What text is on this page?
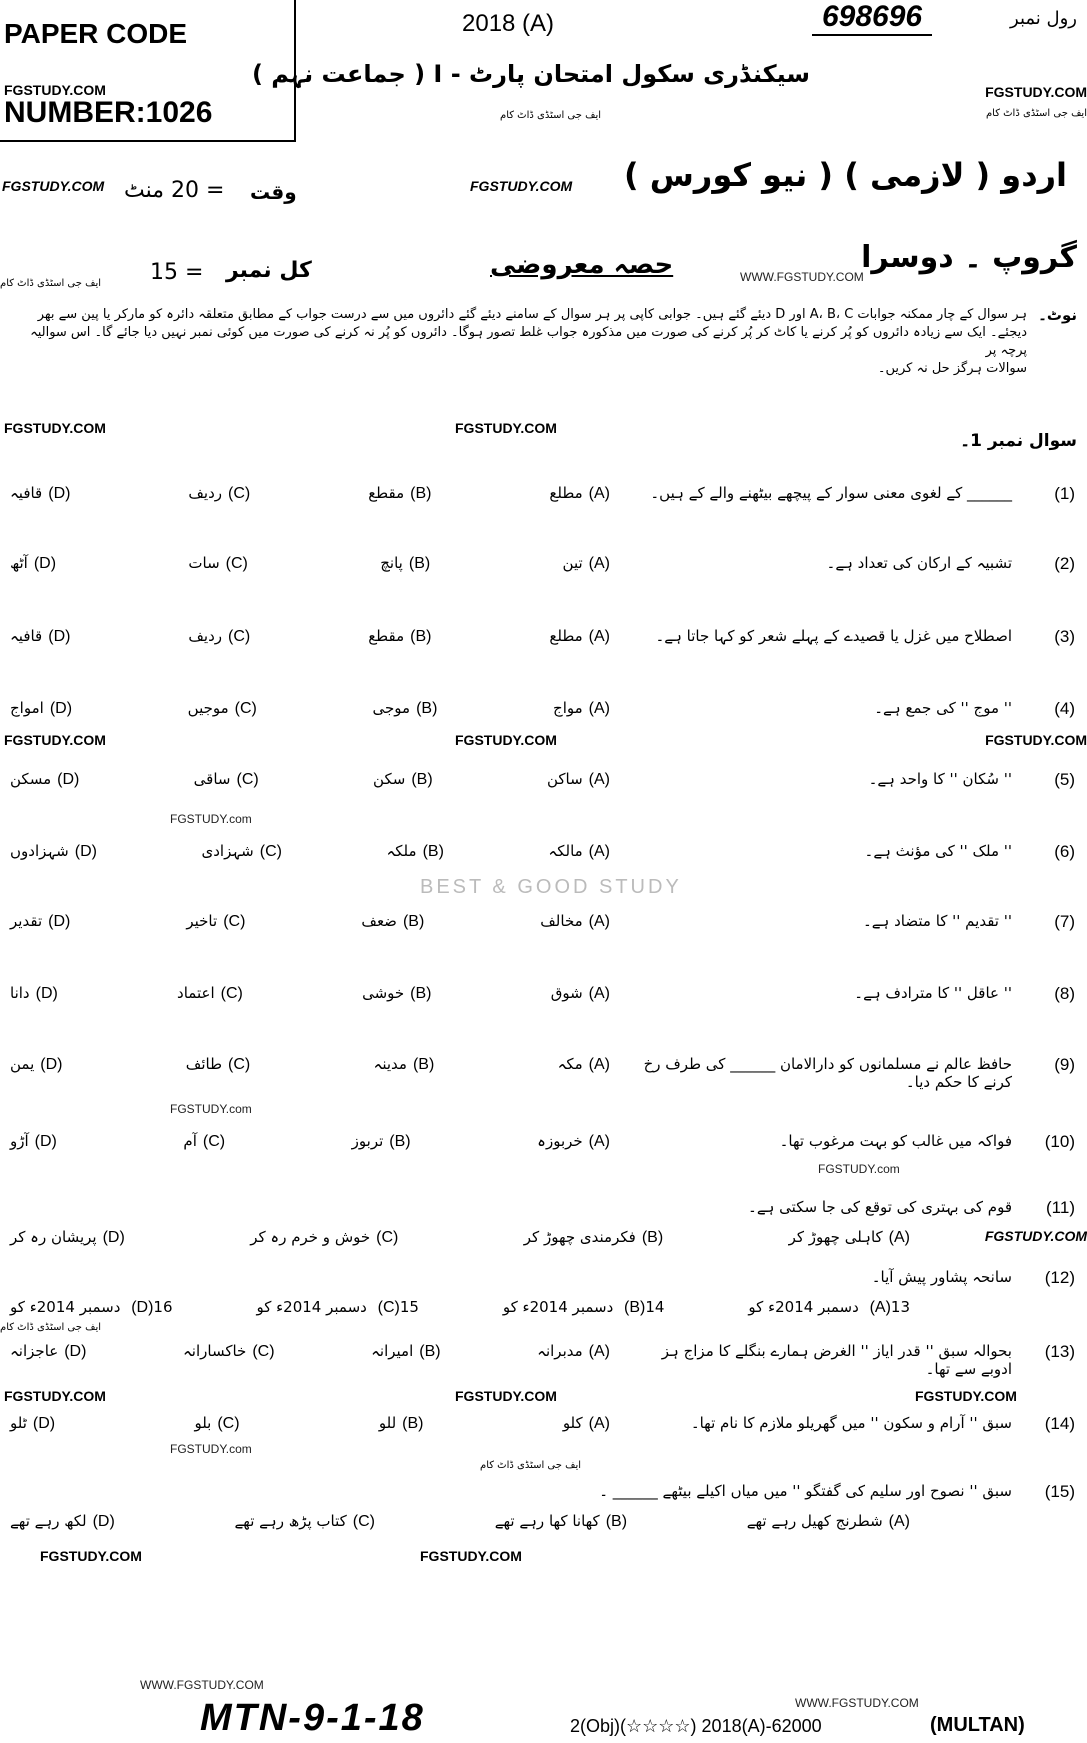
PAPER CODE
FGSTUDY.COM
NUMBER:1026
2018 (A)	698696	رول نمبر
سیکنڈری سکول امتحان پارٹ - I ( جماعت نہم )
ایف جی اسٹڈی ڈاٹ کام
FGSTUDY.COM
ایف جی اسٹڈی ڈاٹ کام
FGSTUDY.COM = 20 منٹ وقت	FGSTUDY.COM اردو ( لازمی ) ( نیو کورس )
ایف جی اسٹڈی ڈاٹ کام = 15 کل نمبر	حصہ معروضی	WWW.FGSTUDY.COM
گروپ ۔ دوسرا
نوٹ۔
ہر سوال کے چار ممکنہ جوابات A، B، C اور D دیئے گئے ہیں۔ جوابی کاپی پر ہر سوال کے سامنے دیئے گئے دائروں میں سے درست جواب کے مطابق متعلقہ دائرہ کو مارکر یا پین سے بھر
دیجئے۔ ایک سے زیادہ دائروں کو پُر کرنے یا کاٹ کر پُر کرنے کی صورت میں مذکورہ جواب غلط تصور ہوگا۔ دائروں کو پُر نہ کرنے کی صورت میں کوئی نمبر نہیں دیا جائے گا۔ اس سوالیہ پرچہ پر
سوالات ہرگز حل نہ کریں۔
FGSTUDY.COM	FGSTUDY.COM
سوال نمبر 1۔
(1)
______ کے لغوی معنی سوار کے پیچھے بیٹھنے والے کے ہیں۔
(A)مطلع
(B)مقطع
(C)ردیف
(D)قافیہ
(2)
تشبیہ کے ارکان کی تعداد ہے۔
(A)تین
(B)پانچ
(C)سات
(D)آٹھ
(3)
اصطلاح میں غزل یا قصیدے کے پہلے شعر کو کہا جاتا ہے۔
(A)مطلع
(B)مقطع
(C)ردیف
(D)قافیہ
(4)
'' موج '' کی جمع ہے۔
(A)مواج
(B)موجی
(C)موجیں
(D)امواج
(5)
'' سُکان '' کا واحد ہے۔
(A)ساکن
(B)سکن
(C)ساقی
(D)مسکن
(6)
'' ملک '' کی مؤنث ہے۔
(A)مالکہ
(B)ملکہ
(C)شہزادی
(D)شہزادوں
(7)
'' تقدیم '' کا متضاد ہے۔
(A)مخالف
(B)ضعف
(C)تاخیر
(D)تقدیر
(8)
'' عاقل '' کا مترادف ہے۔
(A)شوق
(B)خوشی
(C)اعتماد
(D)دانا
(9)
حافظ عالم نے مسلمانوں کو دارالامان ______ کی طرف رخ کرنے کا حکم دیا۔
(A)مکہ
(B)مدینہ
(C)طائف
(D)یمن
(10)
فواکہ میں غالب کو بہت مرغوب تھا۔
(A)خربوزہ
(B)تربوز
(C)آم
(D)آڑو
(11)
قوم کی بہتری کی توقع کی جا سکتی ہے۔
(A)کاہلی چھوڑ کر
(B)فکرمندی چھوڑ کر
(C)خوش و خرم رہ کر
(D)پریشان رہ کر
(12)
سانحہ پشاور پیش آیا۔
(A)13 دسمبر 2014ء کو
(B)14 دسمبر 2014ء کو
(C)15 دسمبر 2014ء کو
(D)16 دسمبر 2014ء کو
(13)
بحوالہ سبق '' قدر ایاز '' الغرض ہمارے بنگلے کا مزاج ہز ادوبے سے تھا۔
(A)مدبرانہ
(B)امیرانہ
(C)خاکسارانہ
(D)عاجزانہ
(14)
سبق '' آرام و سکون '' میں گھریلو ملازم کا نام تھا۔
(A)کلو
(B)للو
(C)بلو
(D)ٹلو
(15)
سبق '' نصوح اور سلیم کی گفتگو '' میں میاں اکیلے بیٹھے ______ ۔
(A)شطرنج کھیل رہے تھے
(B)کھانا کھا رہے تھے
(C)کتاب پڑھ رہے تھے
(D)لکھ رہے تھے
FGSTUDY.COM	FGSTUDY.COM	FGSTUDY.COM
FGSTUDY.com
FGSTUDY.com
FGSTUDY.com
FGSTUDY.COM
FGSTUDY.COM	FGSTUDY.COM	FGSTUDY.COM
FGSTUDY.com
FGSTUDY.COM	FGSTUDY.COM
ایف جی اسٹڈی ڈاٹ کام
ایف جی اسٹڈی ڈاٹ کام
BEST & GOOD STUDY
WWW.FGSTUDY.COM
MTN-9-1-18	WWW.FGSTUDY.COM
2(Obj)(☆☆☆☆) 2018(A)-62000	(MULTAN)
